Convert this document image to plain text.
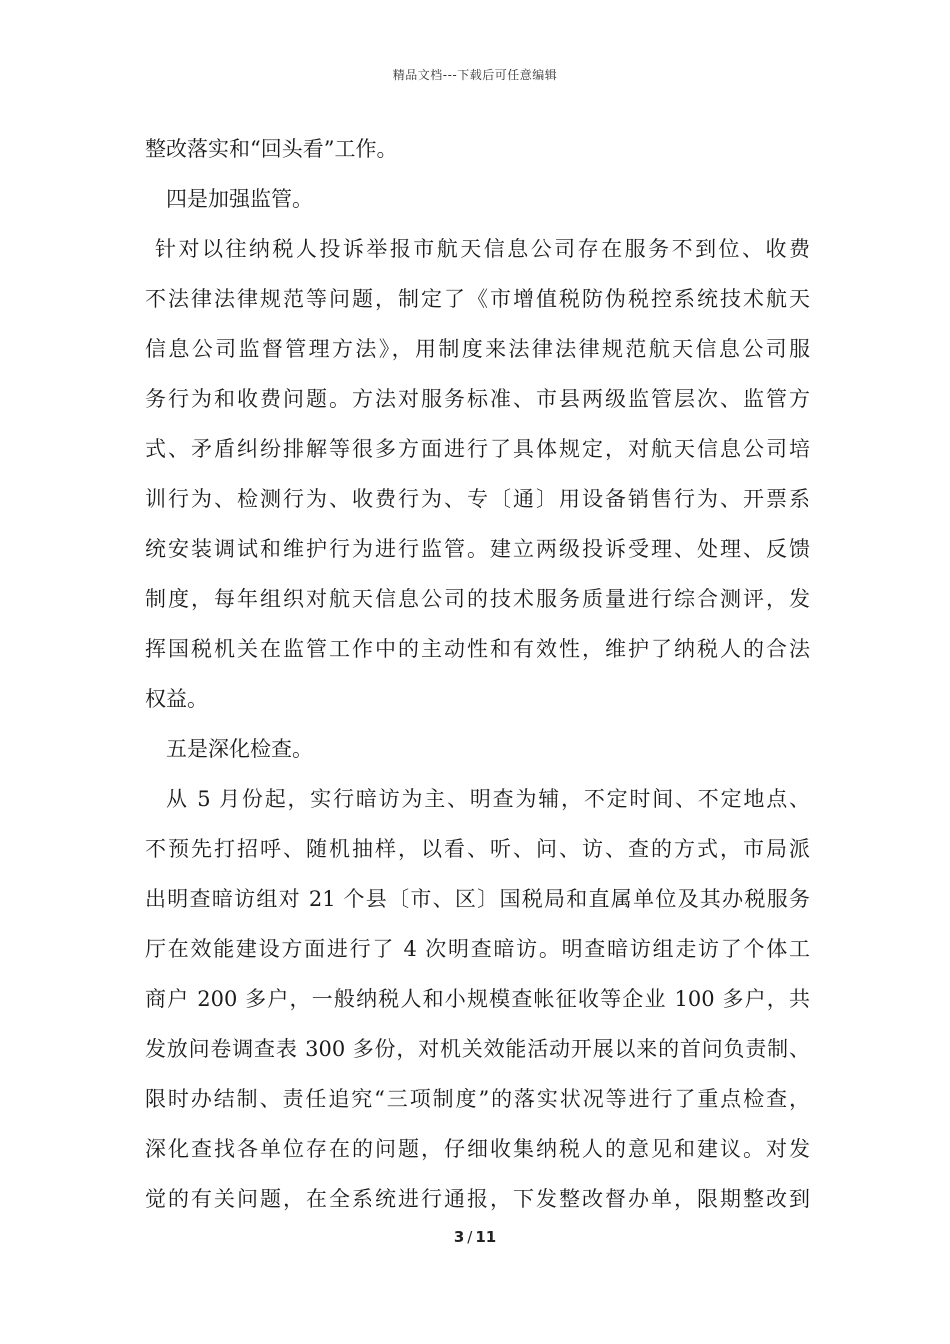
精品文档---下载后可任意编辑
整改落实和“回头看”工作。
四是加强监管。
针对以往纳税人投诉举报市航天信息公司存在服务不到位、收费
不法律法律规范等问题，制定了《市增值税防伪税控系统技术航天
信息公司监督管理方法》，用制度来法律法律规范航天信息公司服
务行为和收费问题。方法对服务标准、市县两级监管层次、监管方
式、矛盾纠纷排解等很多方面进行了具体规定，对航天信息公司培
训行为、检测行为、收费行为、专〔通〕用设备销售行为、开票系
统安装调试和维护行为进行监管。建立两级投诉受理、处理、反馈
制度，每年组织对航天信息公司的技术服务质量进行综合测评，发
挥国税机关在监管工作中的主动性和有效性，维护了纳税人的合法
权益。
五是深化检查。
从 5 月份起，实行暗访为主、明查为辅，不定时间、不定地点、
不预先打招呼、随机抽样，以看、听、问、访、查的方式，市局派
出明查暗访组对 21 个县〔市、区〕国税局和直属单位及其办税服务
厅在效能建设方面进行了 4 次明查暗访。明查暗访组走访了个体工
商户 200 多户，一般纳税人和小规模查帐征收等企业 100 多户，共
发放问卷调查表 300 多份，对机关效能活动开展以来的首问负责制、
限时办结制、责任追究“三项制度”的落实状况等进行了重点检查，
深化查找各单位存在的问题，仔细收集纳税人的意见和建议。对发
觉的有关问题，在全系统进行通报，下发整改督办单，限期整改到
3 / 11
